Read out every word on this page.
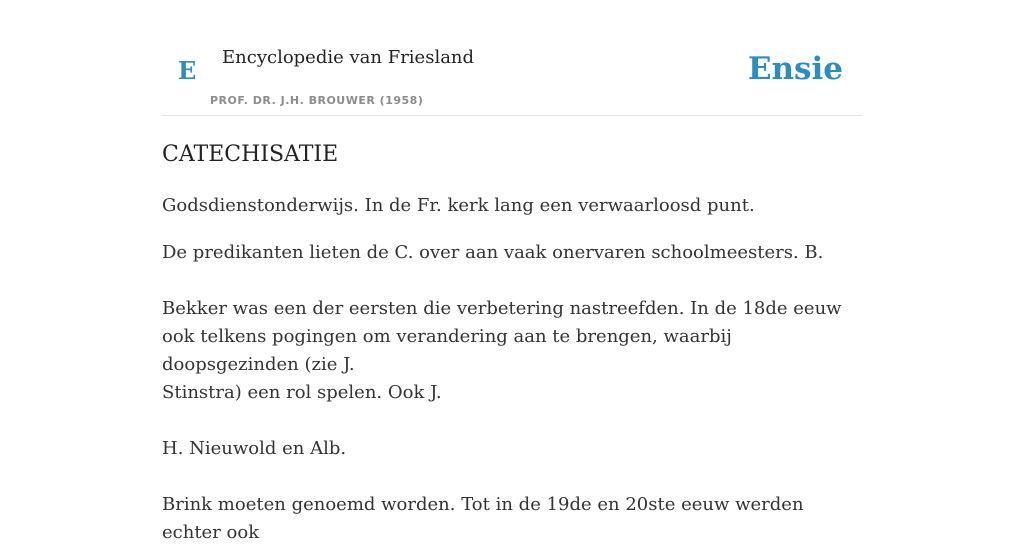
E Encyclopedie van Friesland
PROF. DR. J.H. BROUWER (1958)
Ensie
CATECHISATIE

Godsdienstonderwijs. In de Fr. kerk lang een verwaarloosd punt.

De predikanten lieten de C. over aan vaak onervaren schoolmeesters. B.

Bekker was een der eersten die verbetering nastreefden. In de 18de eeuw ook telkens pogingen om verandering aan te brengen, waarbij doopsgezinden (zie J.

Stinstra) een rol spelen. Ook J.

H. Nieuwold en Alb.

Brink moeten genoemd worden. Tot in de 19de en 20ste eeuw werden echter ook
